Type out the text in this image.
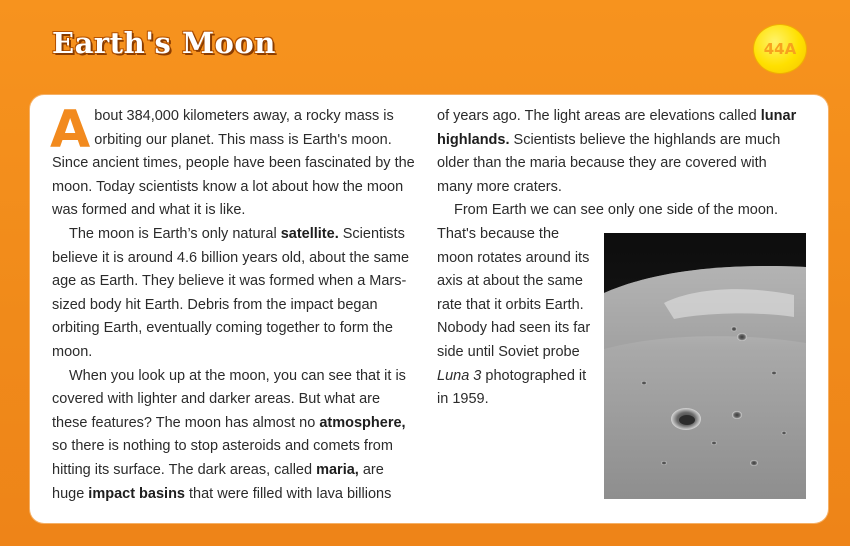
Earth's Moon	44A

About 384,000 kilometers away, a rocky mass is orbiting our planet. This mass is Earth's moon. Since ancient times, people have been fascinated by the moon. Today scientists know a lot about how the moon was formed and what it is like.

The moon is Earth’s only natural satellite. Scientists believe it is around 4.6 billion years old, about the same age as Earth. They believe it was formed when a Mars-sized body hit Earth. Debris from the impact began orbiting Earth, eventually coming together to form the moon.

When you look up at the moon, you can see that it is covered with lighter and darker areas. But what are these features? The moon has almost no atmosphere, so there is nothing to stop asteroids and comets from hitting its surface. The dark areas, called maria, are huge impact basins that were filled with lava billions

of years ago. The light areas are elevations called lunar highlands. Scientists believe the highlands are much older than the maria because they are covered with many more craters.

From Earth we can see only one side of the moon.

That's because the moon rotates around its axis at about the same rate that it orbits Earth. Nobody had seen its far side until Soviet probe Luna 3 photographed it in 1959.
